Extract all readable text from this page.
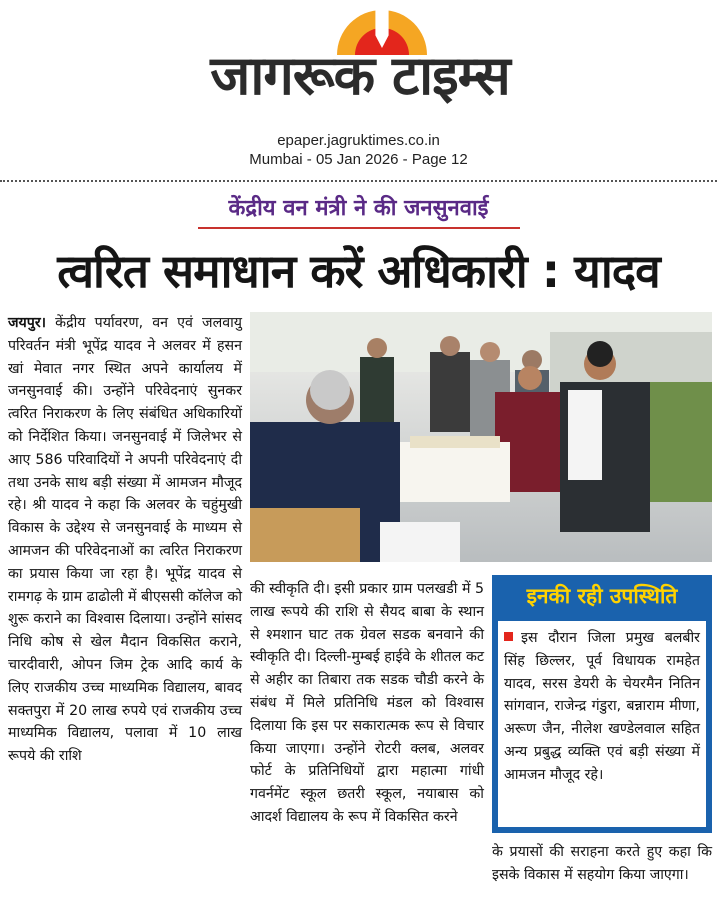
जागरूक टाइम्स
epaper.jagruktimes.co.in
Mumbai - 05 Jan 2026 - Page 12
केंद्रीय वन मंत्री ने की जनसुनवाई
त्वरित समाधान करें अधिकारी : यादव
जयपुर। केंद्रीय पर्यावरण, वन एवं जलवायु परिवर्तन मंत्री भूपेंद्र यादव ने अलवर में हसन खां मेवात नगर स्थित अपने कार्यालय में जनसुनवाई की। उन्होंने परिवेदनाएं सुनकर त्वरित निराकरण के लिए संबंधित अधिकारियों को निर्देशित किया। जनसुनवाई में जिलेभर से आए 586 परिवादियों ने अपनी परिवेदनाएं दी तथा उनके साथ बड़ी संख्या में आमजन मौजूद रहे। श्री यादव ने कहा कि अलवर के चहुंमुखी विकास के उद्देश्य से जनसुनवाई के माध्यम से आमजन की परिवेदनाओं का त्वरित निराकरण का प्रयास किया जा रहा है। भूपेंद्र यादव से रामगढ़ के ग्राम ढाढोली में बीएससी कॉलेज को शुरू कराने का विश्वास दिलाया। उन्होंने सांसद निधि कोष से खेल मैदान विकसित कराने, चारदीवारी, ओपन जिम ट्रेक आदि कार्य के लिए राजकीय उच्च माध्यमिक विद्यालय, बावद सक्तपुरा में 20 लाख रुपये एवं राजकीय उच्च माध्यमिक विद्यालय, पलावा में 10 लाख रूपये की राशि
की स्वीकृति दी। इसी प्रकार ग्राम पलखडी में 5 लाख रूपये की राशि से सैयद बाबा के स्थान से श्मशान घाट तक ग्रेवल सडक बनवाने की स्वीकृति दी। दिल्ली-मुम्बई हाईवे के शीतल कट से अहीर का तिबारा तक सडक चौडी करने के संबंध में मिले प्रतिनिधि मंडल को विश्वास दिलाया कि इस पर सकारात्मक रूप से विचार किया जाएगा। उन्होंने रोटरी क्लब, अलवर फोर्ट के प्रतिनिधियों द्वारा महात्मा गांधी गवर्नमेंट स्कूल छतरी स्कूल, नयाबास को आदर्श विद्यालय के रूप में विकसित करने
इनकी रही उपस्थिति
इस दौरान जिला प्रमुख बलबीर सिंह छिल्लर, पूर्व विधायक रामहेत यादव, सरस डेयरी के चेयरमैन नितिन सांगवान, राजेन्द्र गंडुरा, बन्नाराम मीणा, अरूण जैन, नीलेश खण्डेलवाल सहित अन्य प्रबुद्ध व्यक्ति एवं बड़ी संख्या में आमजन मौजूद रहे।
के प्रयासों की सराहना करते हुए कहा कि इसके विकास में सहयोग किया जाएगा।
